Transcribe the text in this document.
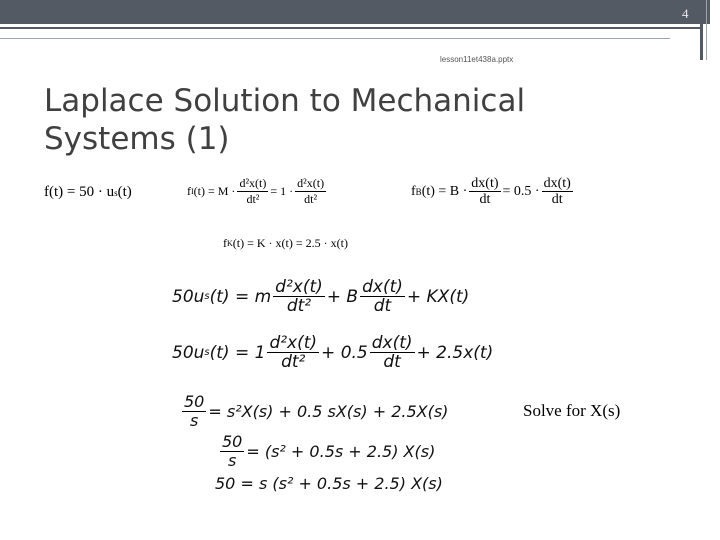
4
lesson11et438a.pptx
Laplace Solution to Mechanical
Systems (1)
f(t) = 50 · u s (t)	f I $(t) = M \cdot \frac{\text{d²x(t)}}{\text{dt²}} = 1 \cdot \frac{\text{d²x(t)}}{\text{dt²}}$	f B $(t) = B \cdot \frac{dx(t)}{dt} = 0.5 \cdot \frac{dx(t)}{dt}$
f K (t) = K · x(t) = 2.5 · x(t)
50u s (t) = m $\frac{\text{d²x(t)}}{\text{dt²}} + B \frac{dx(t)}{dt} + KX(t)$
50u s $(t) = 1 \frac{\text{d²x(t)}}{\text{dt²}} + 0.5 \frac{dx(t)}{dt} + 2.5x(t)$
$\frac{50}{s} = s^2X(s) + 0.5$ sX(s) + 2.5X(s)
$\frac{50}{s} = (s^2 + 0.5s + 2.5)$ X(s)
50 = s (s² + 0.5s + 2.5) X(s)
Solve for X(s)
